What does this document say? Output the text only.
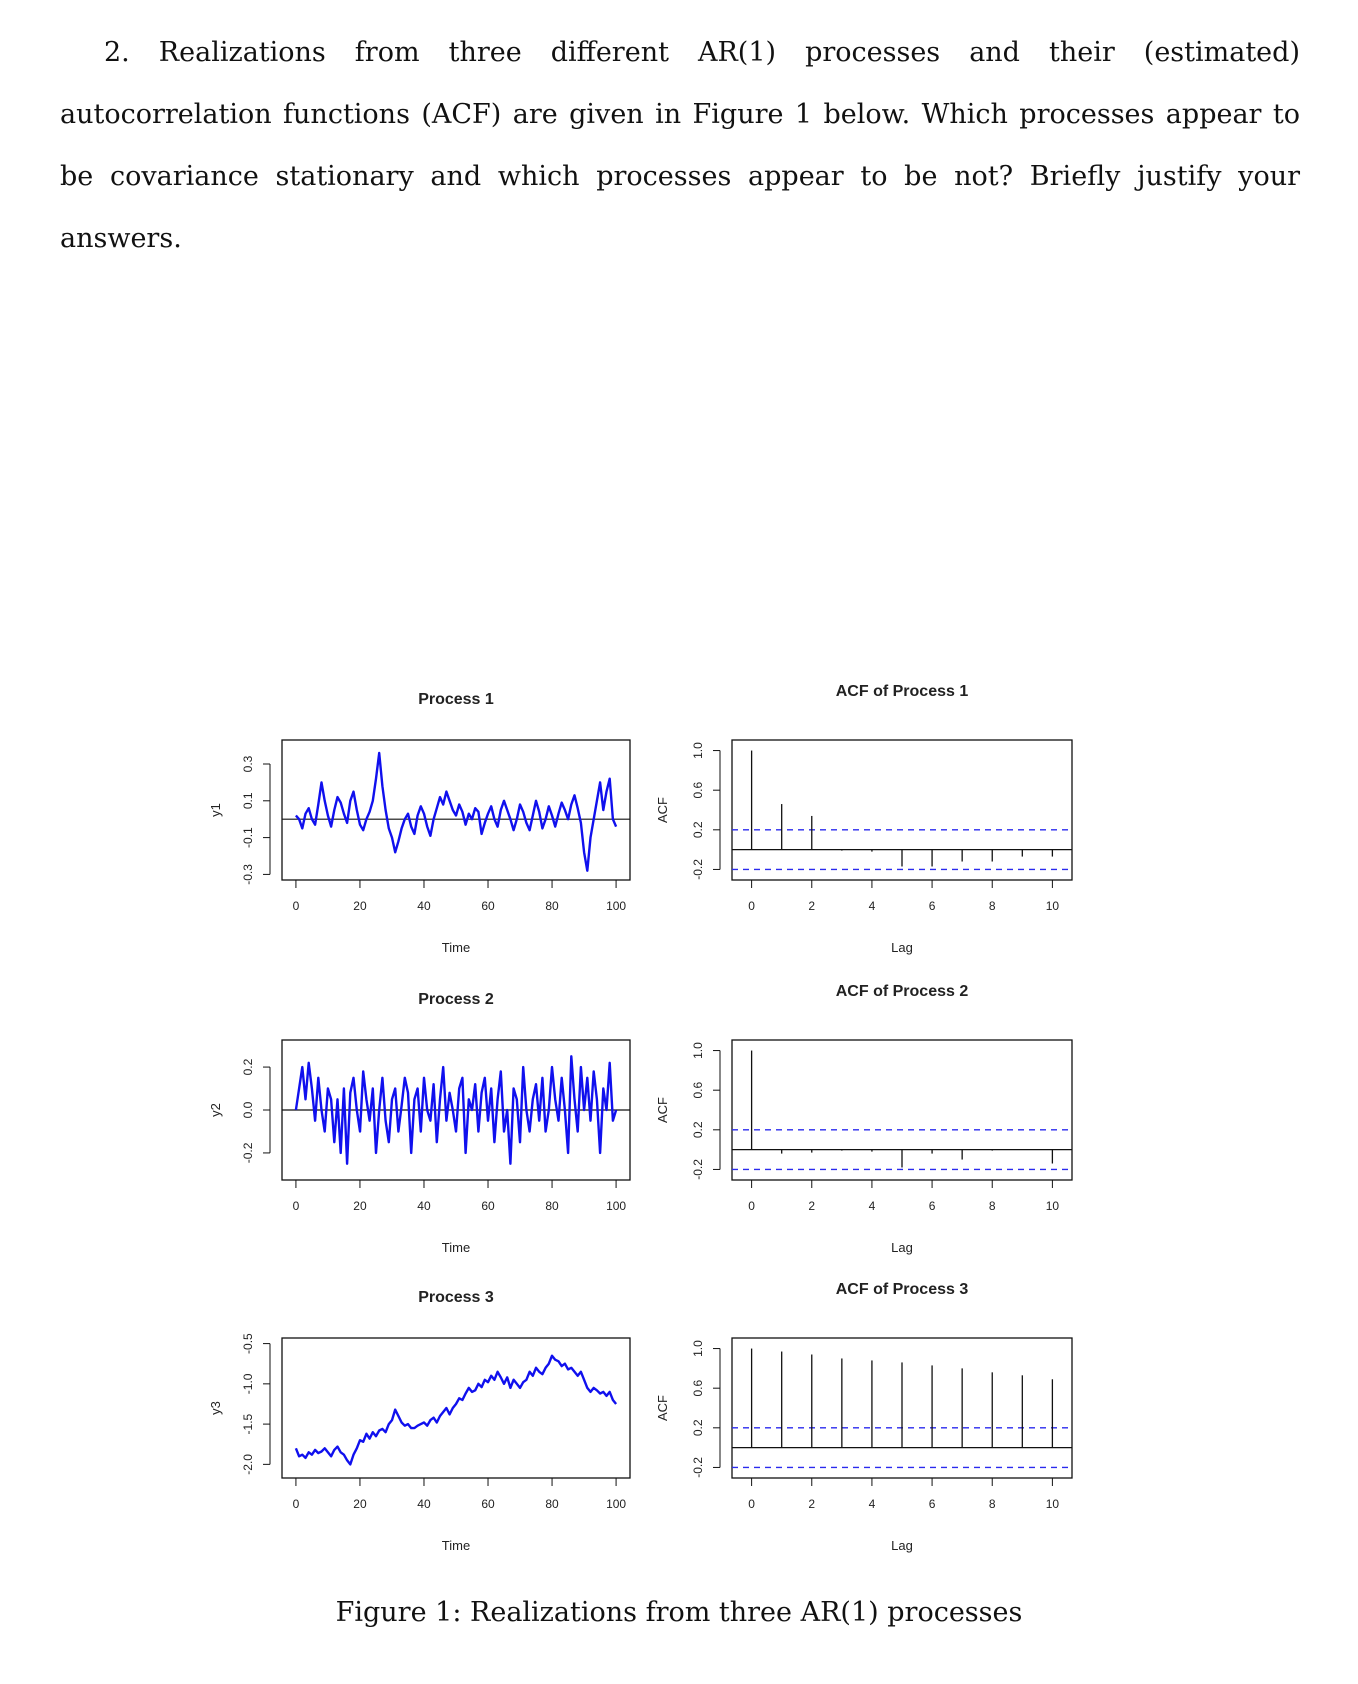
2. Realizations from three different AR(1) processes and their (estimated) autocorrelation functions (ACF) are given in Figure 1 below. Which processes appear to be covariance stationary and which processes appear to be not? Briefly justify your answers.
Process 1
0	20	40	60	80	100
-0.3
-0.1
0.1
0.3
Time
y1
ACF of Process 1
0	2	4	6	8	10
-0.2
0.2
0.6
1.0
Lag
ACF
Process 2
0	20	40	60	80	100
-0.2
0.0
0.2
Time
y2
ACF of Process 2
0	2	4	6	8	10
-0.2
0.2
0.6
1.0
Lag
ACF
Process 3
0	20	40	60	80	100
-2.0
-1.5
-1.0
-0.5
Time
y3
ACF of Process 3
0	2	4	6	8	10
-0.2
0.2
0.6
1.0
Lag
ACF
Figure 1: Realizations from three AR(1) processes
